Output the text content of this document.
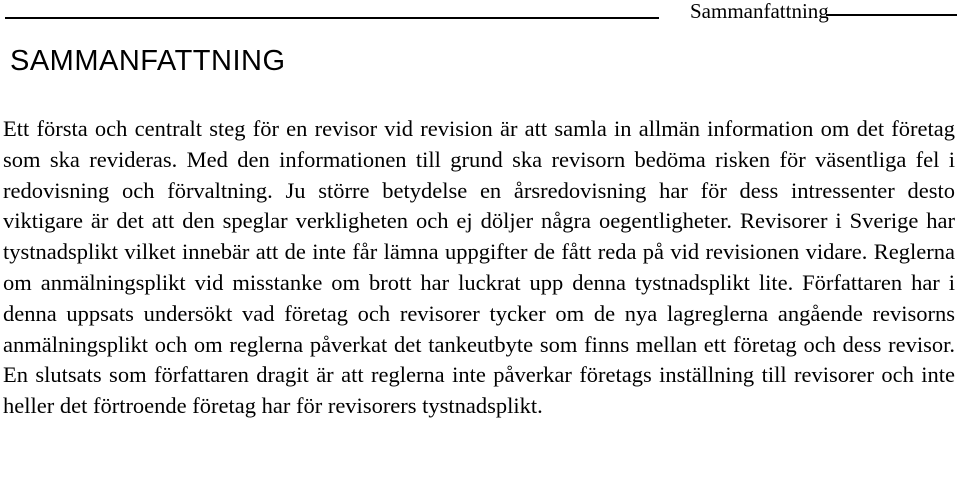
Sammanfattning
SAMMANFATTNING

Ett första och centralt steg för en revisor vid revision är att samla in allmän information om det företag som ska revideras. Med den informationen till grund ska revisorn bedöma risken för väsentliga fel i redovisning och förvaltning. Ju större betydelse en årsredovisning har för dess intressenter desto viktigare är det att den speglar verkligheten och ej döljer några oegentligheter. Revisorer i Sverige har tystnadsplikt vilket innebär att de inte får lämna uppgifter de fått reda på vid revisionen vidare. Reglerna om anmälningsplikt vid misstanke om brott har luckrat upp denna tystnadsplikt lite. Författaren har i denna uppsats undersökt vad företag och revisorer tycker om de nya lagreglerna angående revisorns anmälningsplikt och om reglerna påverkat det tankeutbyte som finns mellan ett företag och dess revisor. En slutsats som författaren dragit är att reglerna inte påverkar företags inställning till revisorer och inte heller det förtroende företag har för revisorers tystnadsplikt.
